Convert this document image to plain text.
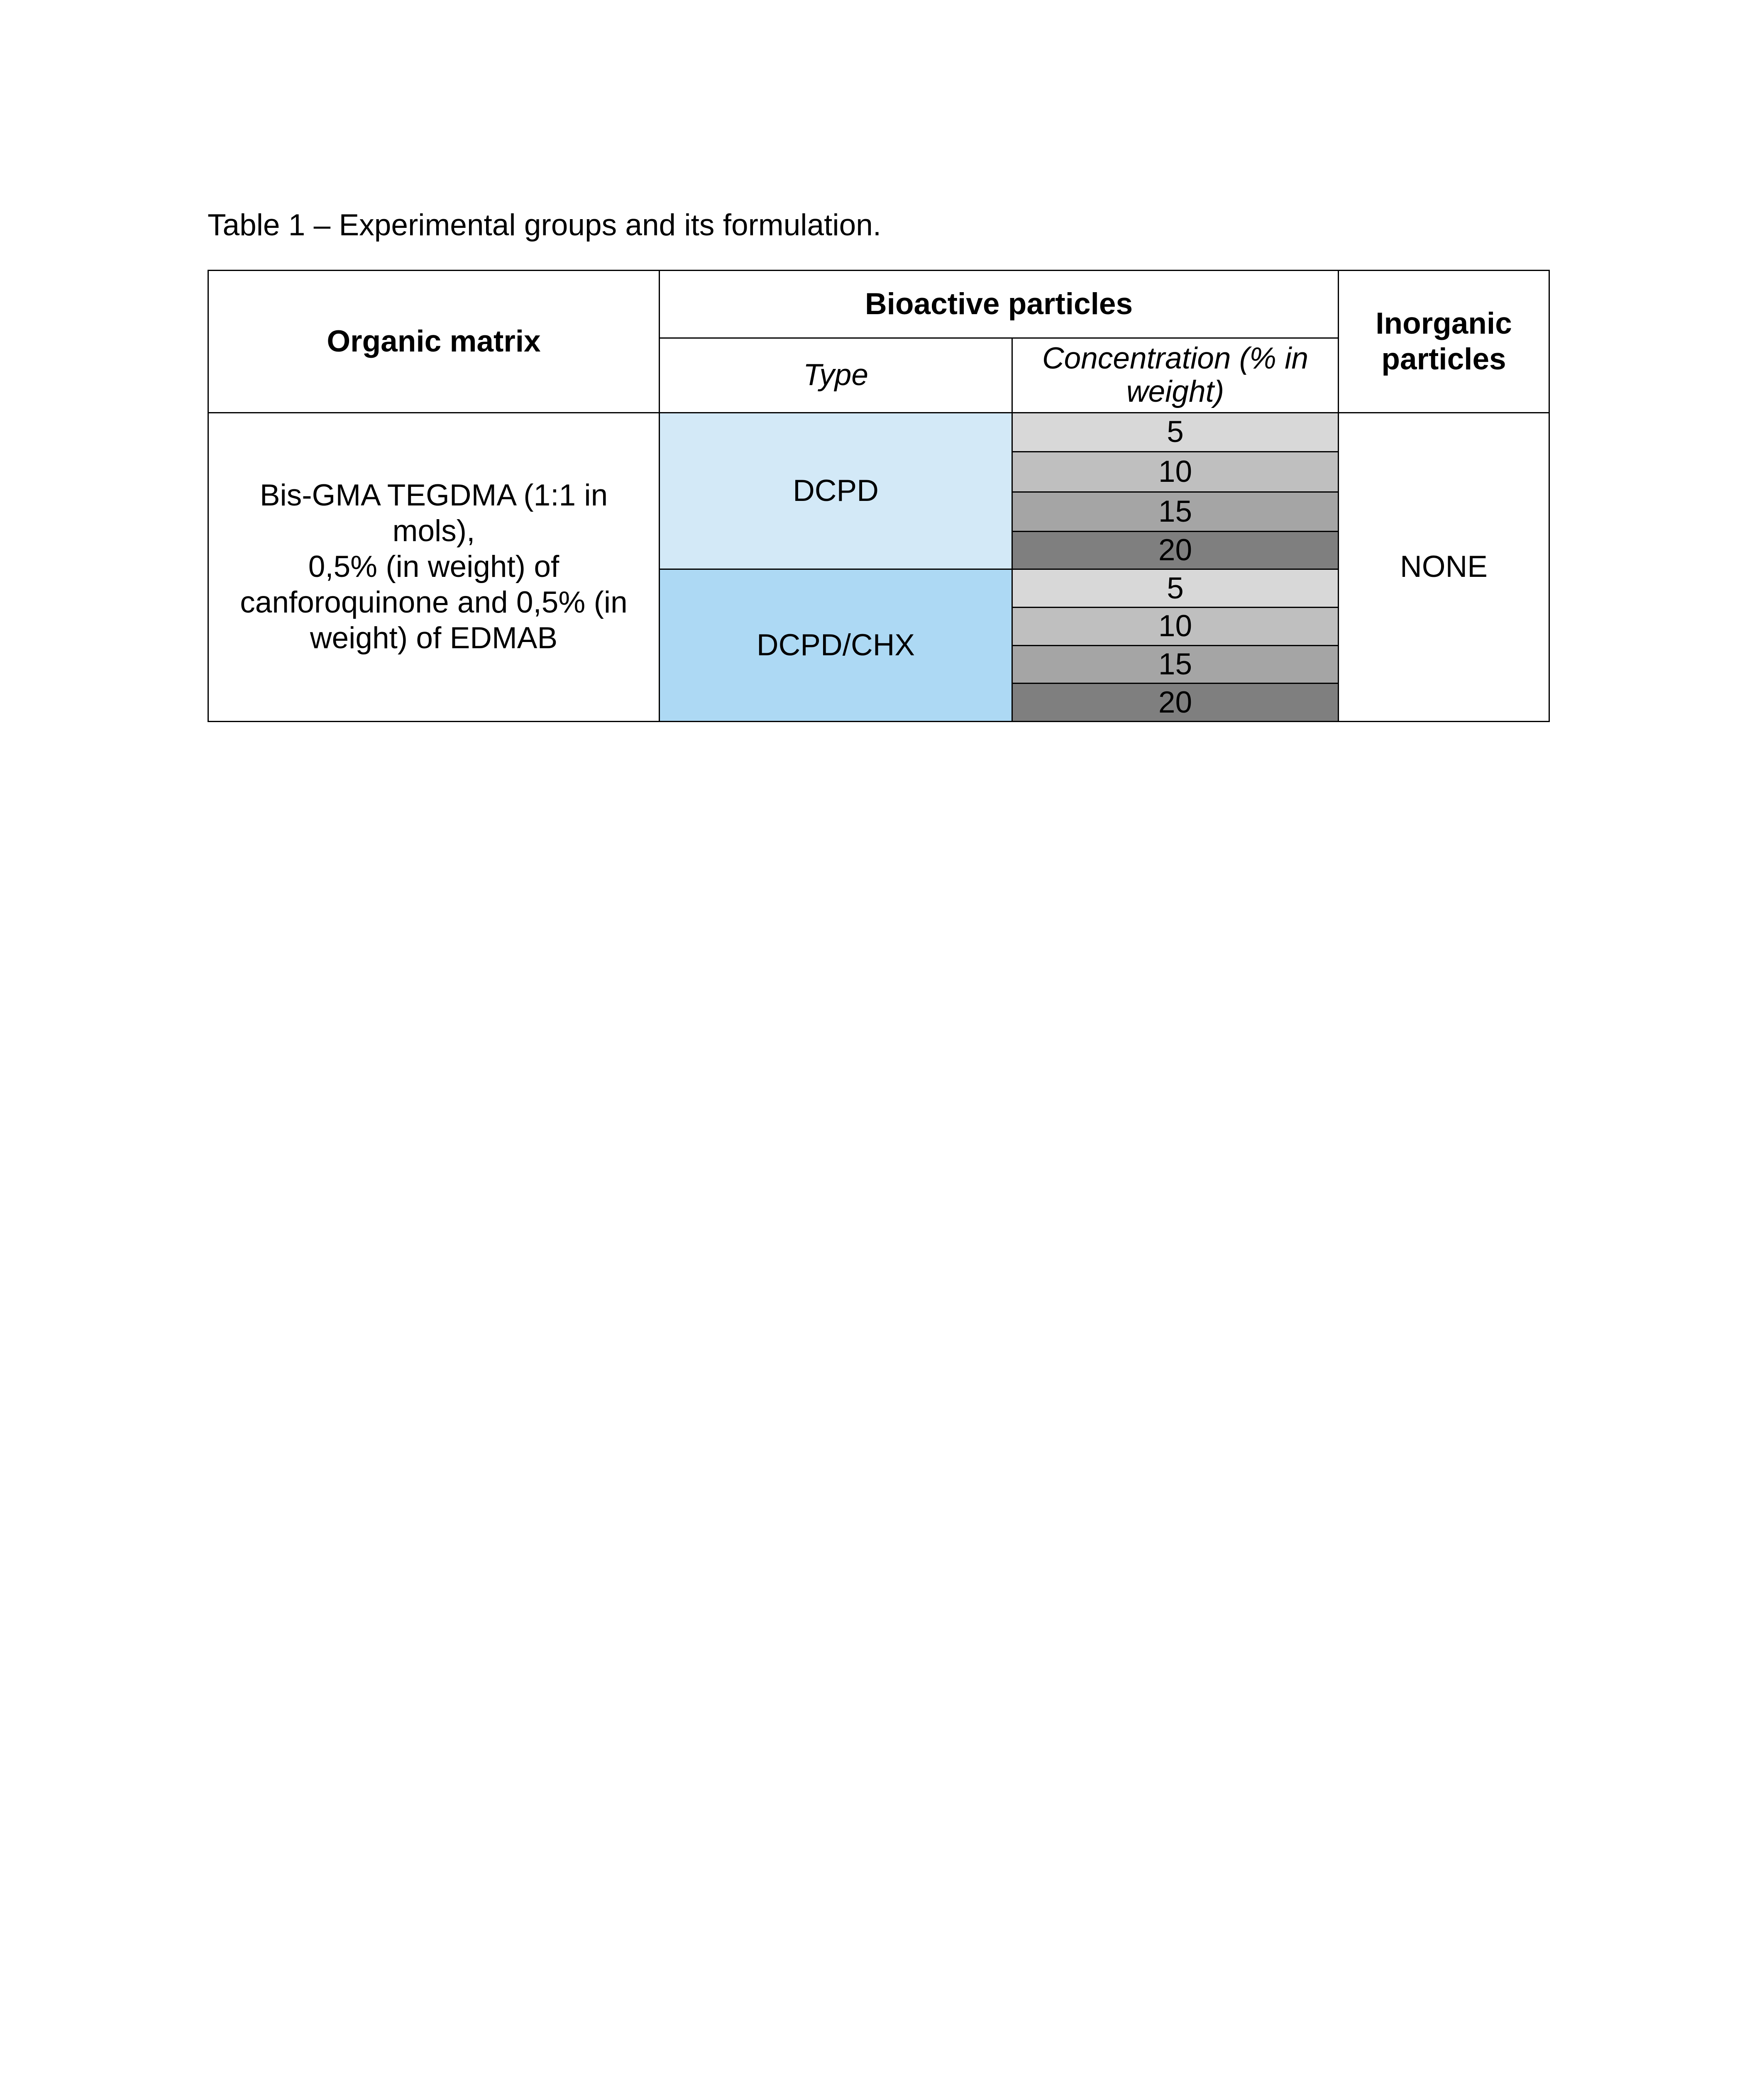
Table 1 – Experimental groups and its formulation.
Organic matrix	Bioactive particles		Inorganic particles
	Type	Concentration (% in weight)	

Bis-GMA TEGDMA (1:1 in
mols),
0,5% (in weight) of
canforoquinone and 0,5% (in
weight) of EDMAB	DCPD	5	NONE
		10	
		15	
		20	
	DCPD/CHX	5	
		10	
		15	
		20	
